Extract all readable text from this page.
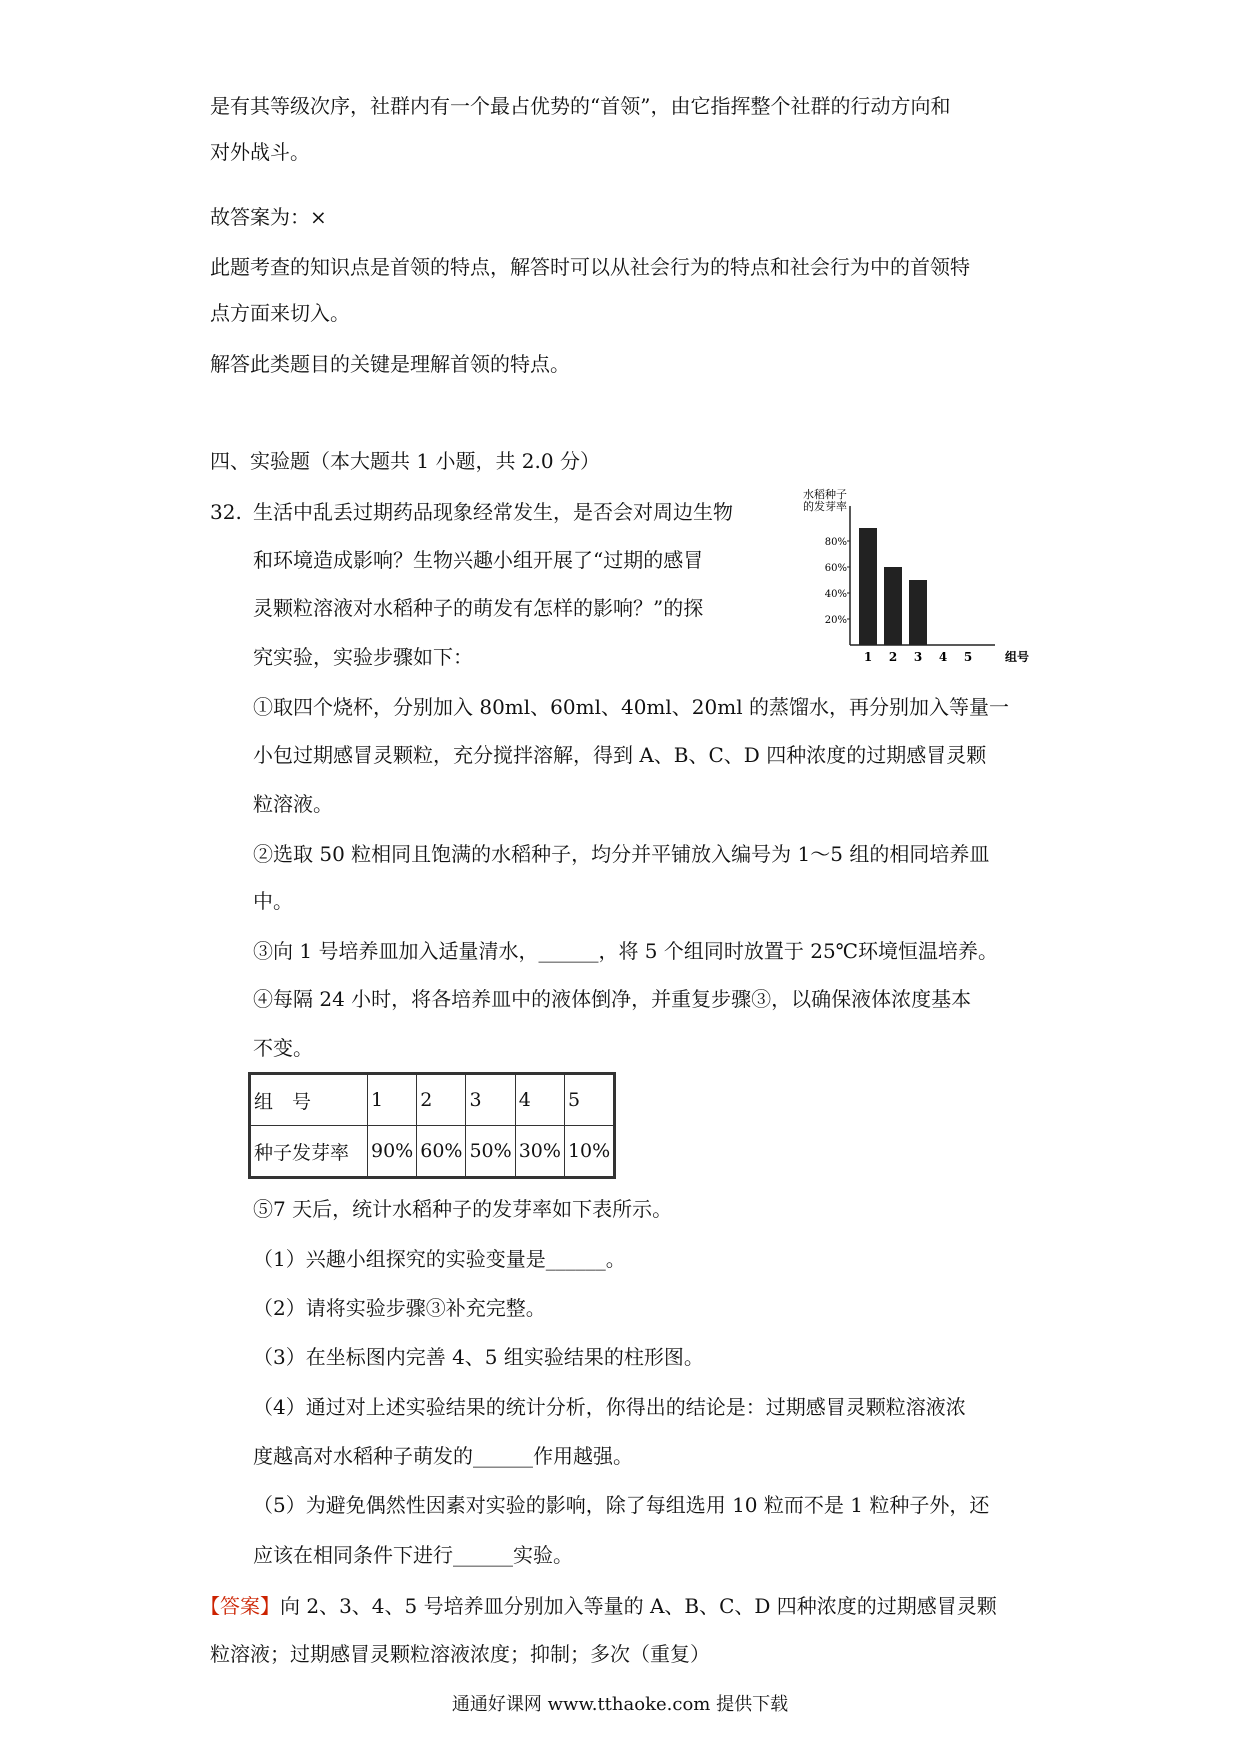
是有其等级次序，社群内有一个最占优势的“首领”，由它指挥整个社群的行动方向和
对外战斗。
故答案为：×
此题考查的知识点是首领的特点，解答时可以从社会行为的特点和社会行为中的首领特
点方面来切入。
解答此类题目的关键是理解首领的特点。
四、实验题（本大题共 1 小题，共 2.0 分）
32. 生活中乱丢过期药品现象经常发生，是否会对周边生物
和环境造成影响？生物兴趣小组开展了“过期的感冒
灵颗粒溶液对水稻种子的萌发有怎样的影响？”的探
究实验，实验步骤如下：
水稻种子
的发芽率
20%
40%
60%
80%
1 2 3 4 5	组号
①取四个烧杯，分别加入 80ml、60ml、40ml、20ml 的蒸馏水，再分别加入等量一
小包过期感冒灵颗粒，充分搅拌溶解，得到 A、B、C、D 四种浓度的过期感冒灵颗
粒溶液。
②选取 50 粒相同且饱满的水稻种子，均分并平铺放入编号为 1～5 组的相同培养皿
中。
③向 1 号培养皿加入适量清水，______，将 5 个组同时放置于 25℃环境恒温培养。
④每隔 24 小时，将各培养皿中的液体倒净，并重复步骤③，以确保液体浓度基本
不变。
组　号	1	2	3	4	5
种子发芽率	90%	60%	50%	30%	10%
⑤7 天后，统计水稻种子的发芽率如下表所示。
（1）兴趣小组探究的实验变量是______。
（2）请将实验步骤③补充完整。
（3）在坐标图内完善 4、5 组实验结果的柱形图。
（4）通过对上述实验结果的统计分析，你得出的结论是：过期感冒灵颗粒溶液浓
度越高对水稻种子萌发的______作用越强。
（5）为避免偶然性因素对实验的影响，除了每组选用 10 粒而不是 1 粒种子外，还
应该在相同条件下进行______实验。
【答案】向 2、3、4、5 号培养皿分别加入等量的 A、B、C、D 四种浓度的过期感冒灵颗
粒溶液；过期感冒灵颗粒溶液浓度；抑制；多次（重复）
通通好课网 www.tthaoke.com 提供下载
